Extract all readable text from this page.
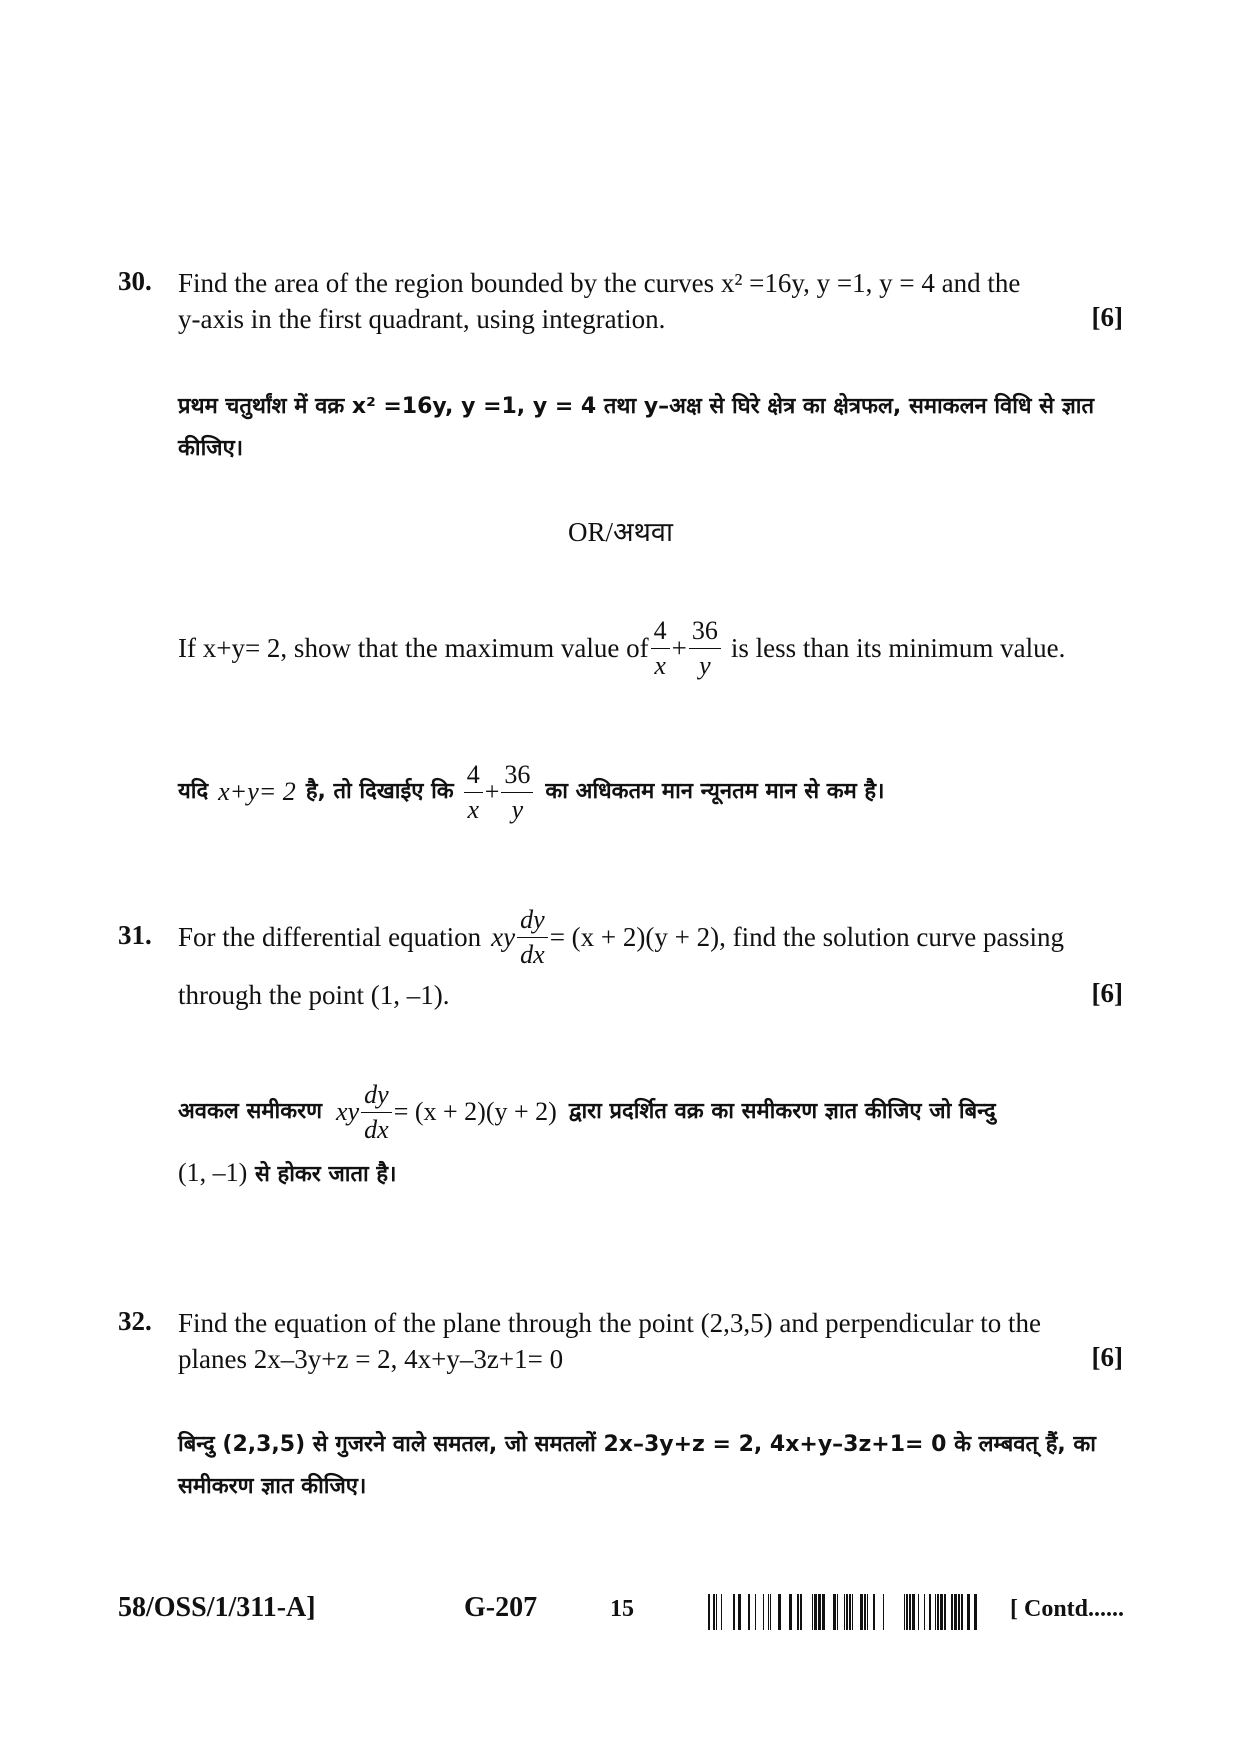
30. Find the area of the region bounded by the curves x² =16y, y =1, y = 4 and the
y-axis in the first quadrant, using integration.	[6]
प्रथम चतुर्थांश में वक्र x² =16y, y =1, y = 4 तथा y–अक्ष से घिरे क्षेत्र का क्षेत्रफल, समाकलन विधि से ज्ञात
कीजिए।
OR/अथवा
If x+y= 2, show that the maximum value of $\frac{4}{x} + \frac{36}{y}$ is less than its minimum value.
यदि x+y= 2 है, तो दिखाईए कि $\frac{4}{x} + \frac{36}{y}$ का अधिकतम मान न्यूनतम मान से कम है।
31. For the differential equation xy $\frac{dy}{dx} = (x + 2)(y + 2)$ , find the solution curve passing
through the point (1, –1).	[6]
अवकल समीकरण xy $\frac{dy}{dx} = (x + 2)(y + 2)$ द्वारा प्रदर्शित वक्र का समीकरण ज्ञात कीजिए जो बिन्दु
(1, –1) से होकर जाता है।
32. Find the equation of the plane through the point (2,3,5) and perpendicular to the
planes 2x–3y+z = 2, 4x+y–3z+1= 0	[6]
बिन्दु (2,3,5) से गुजरने वाले समतल, जो समतलों 2x–3y+z = 2, 4x+y–3z+1= 0 के लम्बवत् हैं, का
समीकरण ज्ञात कीजिए।
58/OSS/1/311-A]	G-207	15	[ Contd......
